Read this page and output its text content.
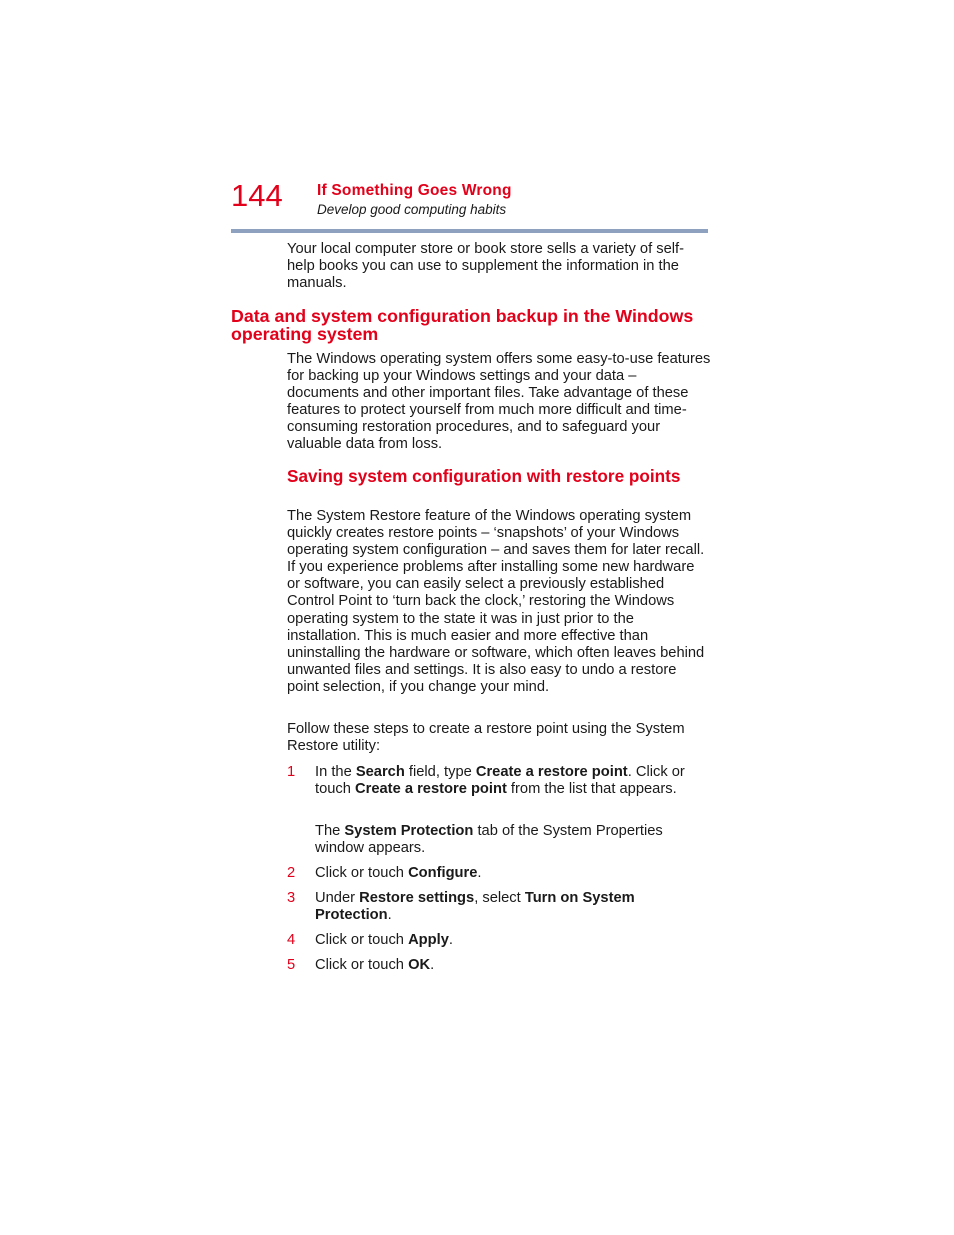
144 If Something Goes Wrong
Develop good computing habits

Your local computer store or book store sells a variety of self-help books you can use to supplement the information in the manuals.

Data and system configuration backup in the Windows operating system

The Windows operating system offers some easy-to-use features for backing up your Windows settings and your data – documents and other important files. Take advantage of these features to protect yourself from much more difficult and time-consuming restoration procedures, and to safeguard your valuable data from loss.

Saving system configuration with restore points

The System Restore feature of the Windows operating system quickly creates restore points – ‘snapshots’ of your Windows operating system configuration – and saves them for later recall. If you experience problems after installing some new hardware or software, you can easily select a previously established Control Point to ‘turn back the clock,’ restoring the Windows operating system to the state it was in just prior to the installation. This is much easier and more effective than uninstalling the hardware or software, which often leaves behind unwanted files and settings. It is also easy to undo a restore point selection, if you change your mind.

Follow these steps to create a restore point using the System Restore utility:

1 In the Search field, type Create a restore point. Click or touch Create a restore point from the list that appears.
The System Protection tab of the System Properties window appears.
2 Click or touch Configure.
3 Under Restore settings, select Turn on System Protection.
4 Click or touch Apply.
5 Click or touch OK.
